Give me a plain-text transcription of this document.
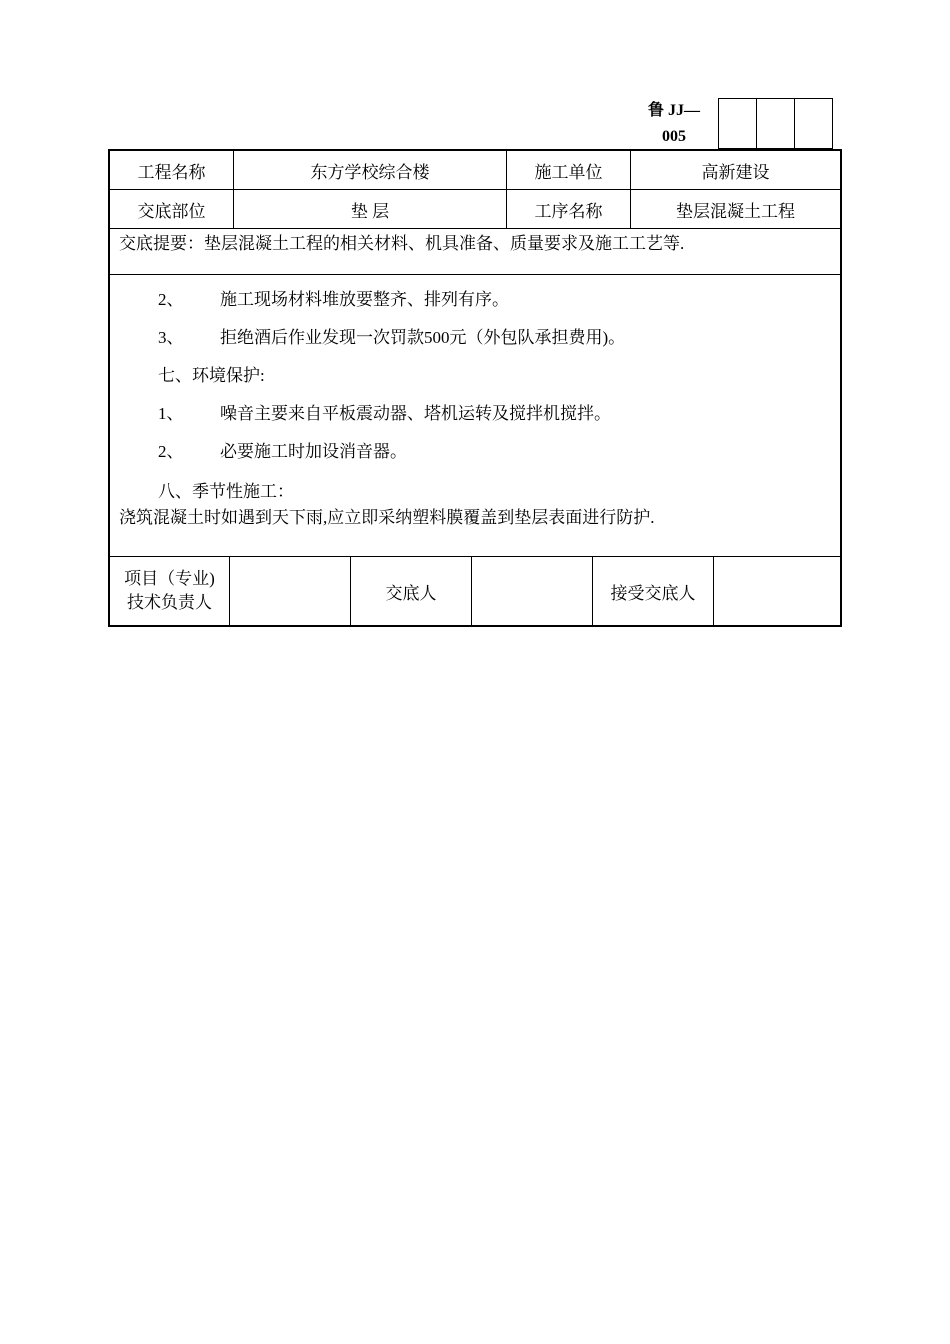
鲁 JJ—
005

工程名称	东方学校综合楼	施工单位	高新建设
交底部位	垫 层	工序名称	垫层混凝土工程
交底提要：垫层混凝土工程的相关材料、机具准备、质量要求及施工工艺等.
2、	施工现场材料堆放要整齐、排列有序。
3、	拒绝酒后作业发现一次罚款500元（外包队承担费用)。
七、环境保护:
1、	噪音主要来自平板震动器、塔机运转及搅拌机搅拌。
2、	必要施工时加设消音器。
八、季节性施工：
浇筑混凝土时如遇到天下雨,应立即采纳塑料膜覆盖到垫层表面进行防护.
项目（专业)
技术负责人	交底人	接受交底人
